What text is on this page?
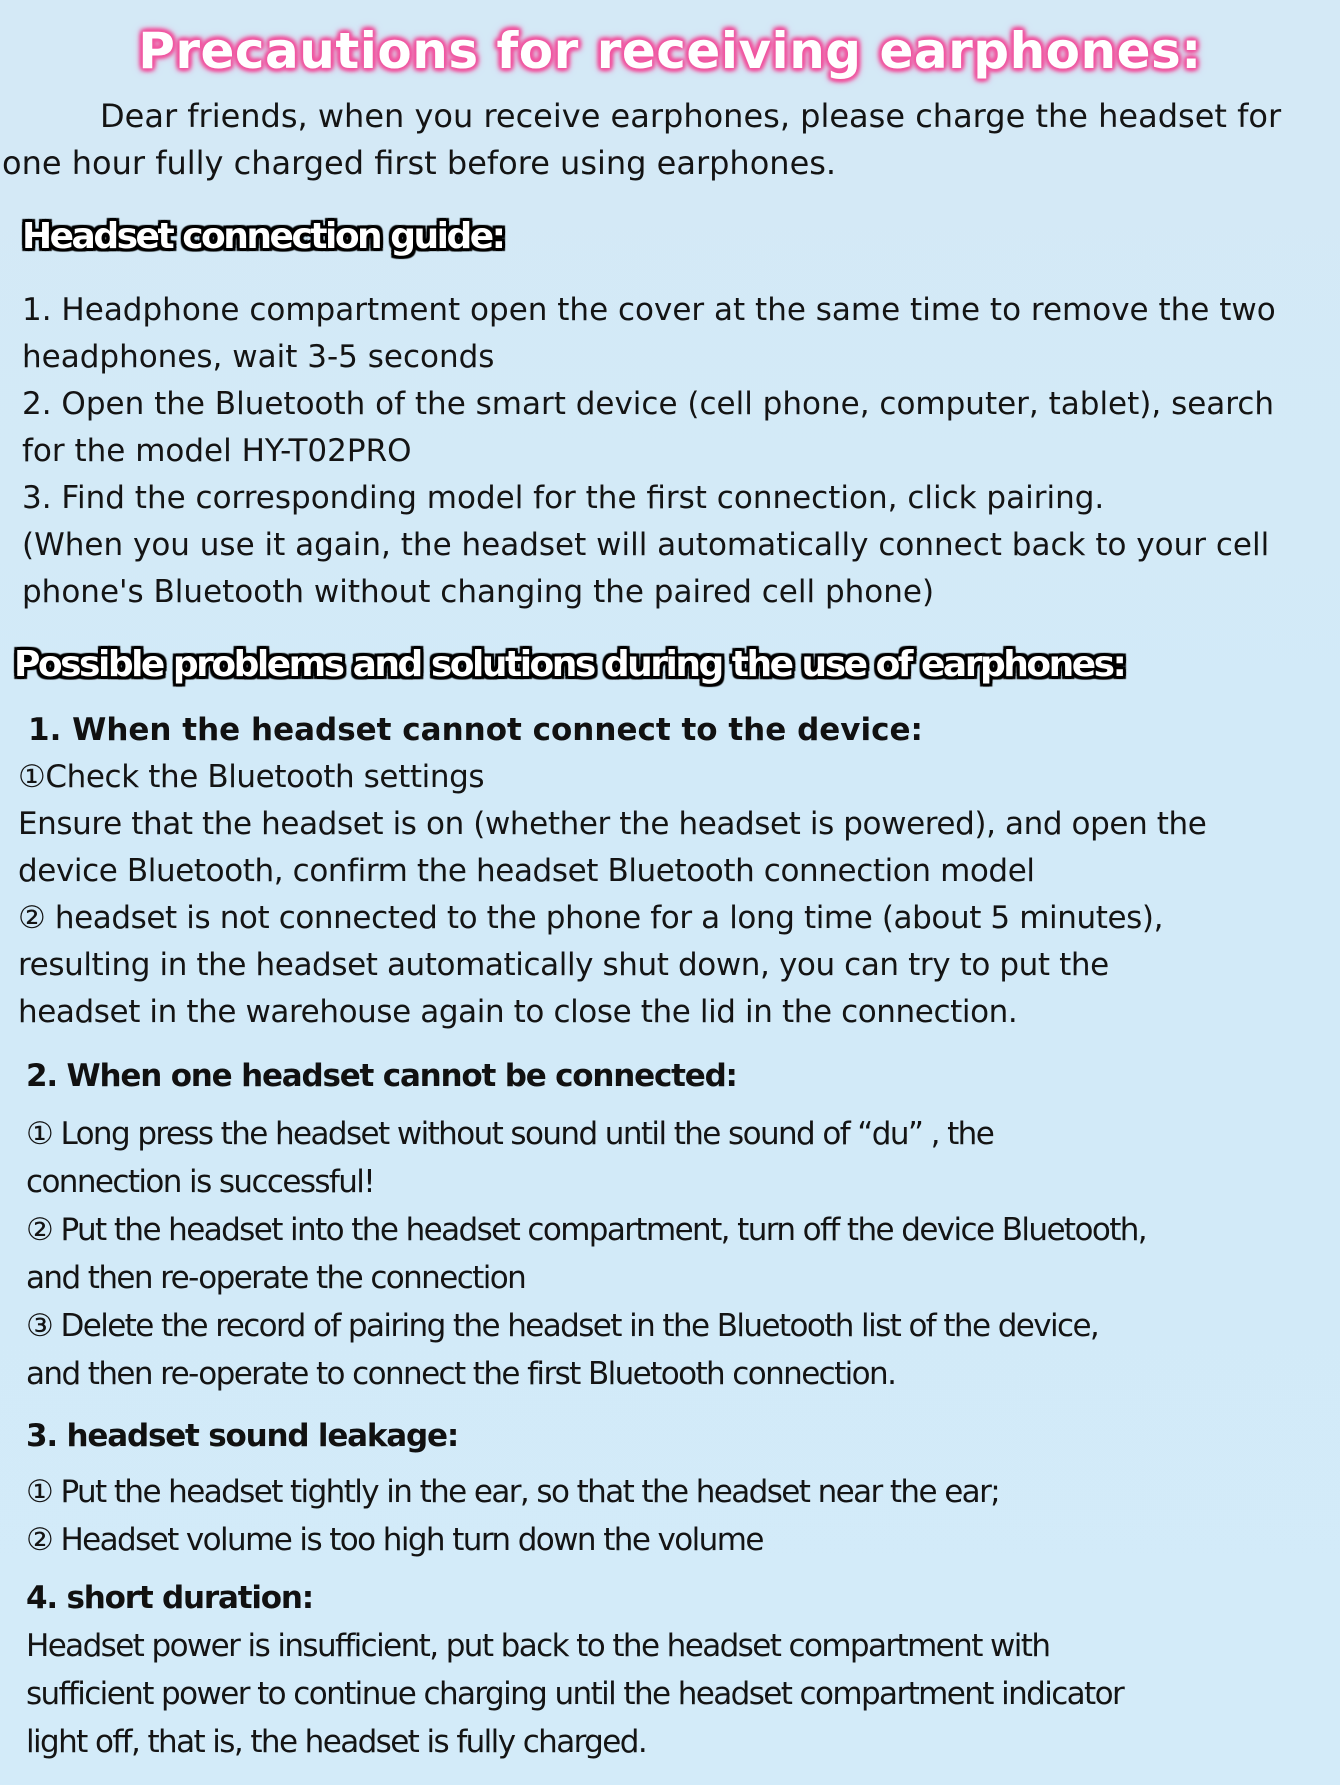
Precautions for receiving earphones:

Dear friends, when you receive earphones, please charge the headset for

one hour fully charged first before using earphones.

Headset connection guide:

1. Headphone compartment open the cover at the same time to remove the two

headphones, wait 3-5 seconds

2. Open the Bluetooth of the smart device (cell phone, computer, tablet), search

for the model HY-T02PRO

3. Find the corresponding model for the first connection, click pairing.

(When you use it again, the headset will automatically connect back to your cell

phone's Bluetooth without changing the paired cell phone)

Possible problems and solutions during the use of earphones:
1. When the headset cannot connect to the device:

①Check the Bluetooth settings

Ensure that the headset is on (whether the headset is powered), and open the

device Bluetooth, confirm the headset Bluetooth connection model

② headset is not connected to the phone for a long time (about 5 minutes),

resulting in the headset automatically shut down, you can try to put the

headset in the warehouse again to close the lid in the connection.

2. When one headset cannot be connected:

① Long press the headset without sound until the sound of “du” , the

connection is successful!

② Put the headset into the headset compartment, turn off the device Bluetooth,

and then re-operate the connection

③ Delete the record of pairing the headset in the Bluetooth list of the device,

and then re-operate to connect the first Bluetooth connection.

3. headset sound leakage:

① Put the headset tightly in the ear, so that the headset near the ear;

② Headset volume is too high turn down the volume

4. short duration:

Headset power is insufficient, put back to the headset compartment with

sufficient power to continue charging until the headset compartment indicator

light off, that is, the headset is fully charged.
